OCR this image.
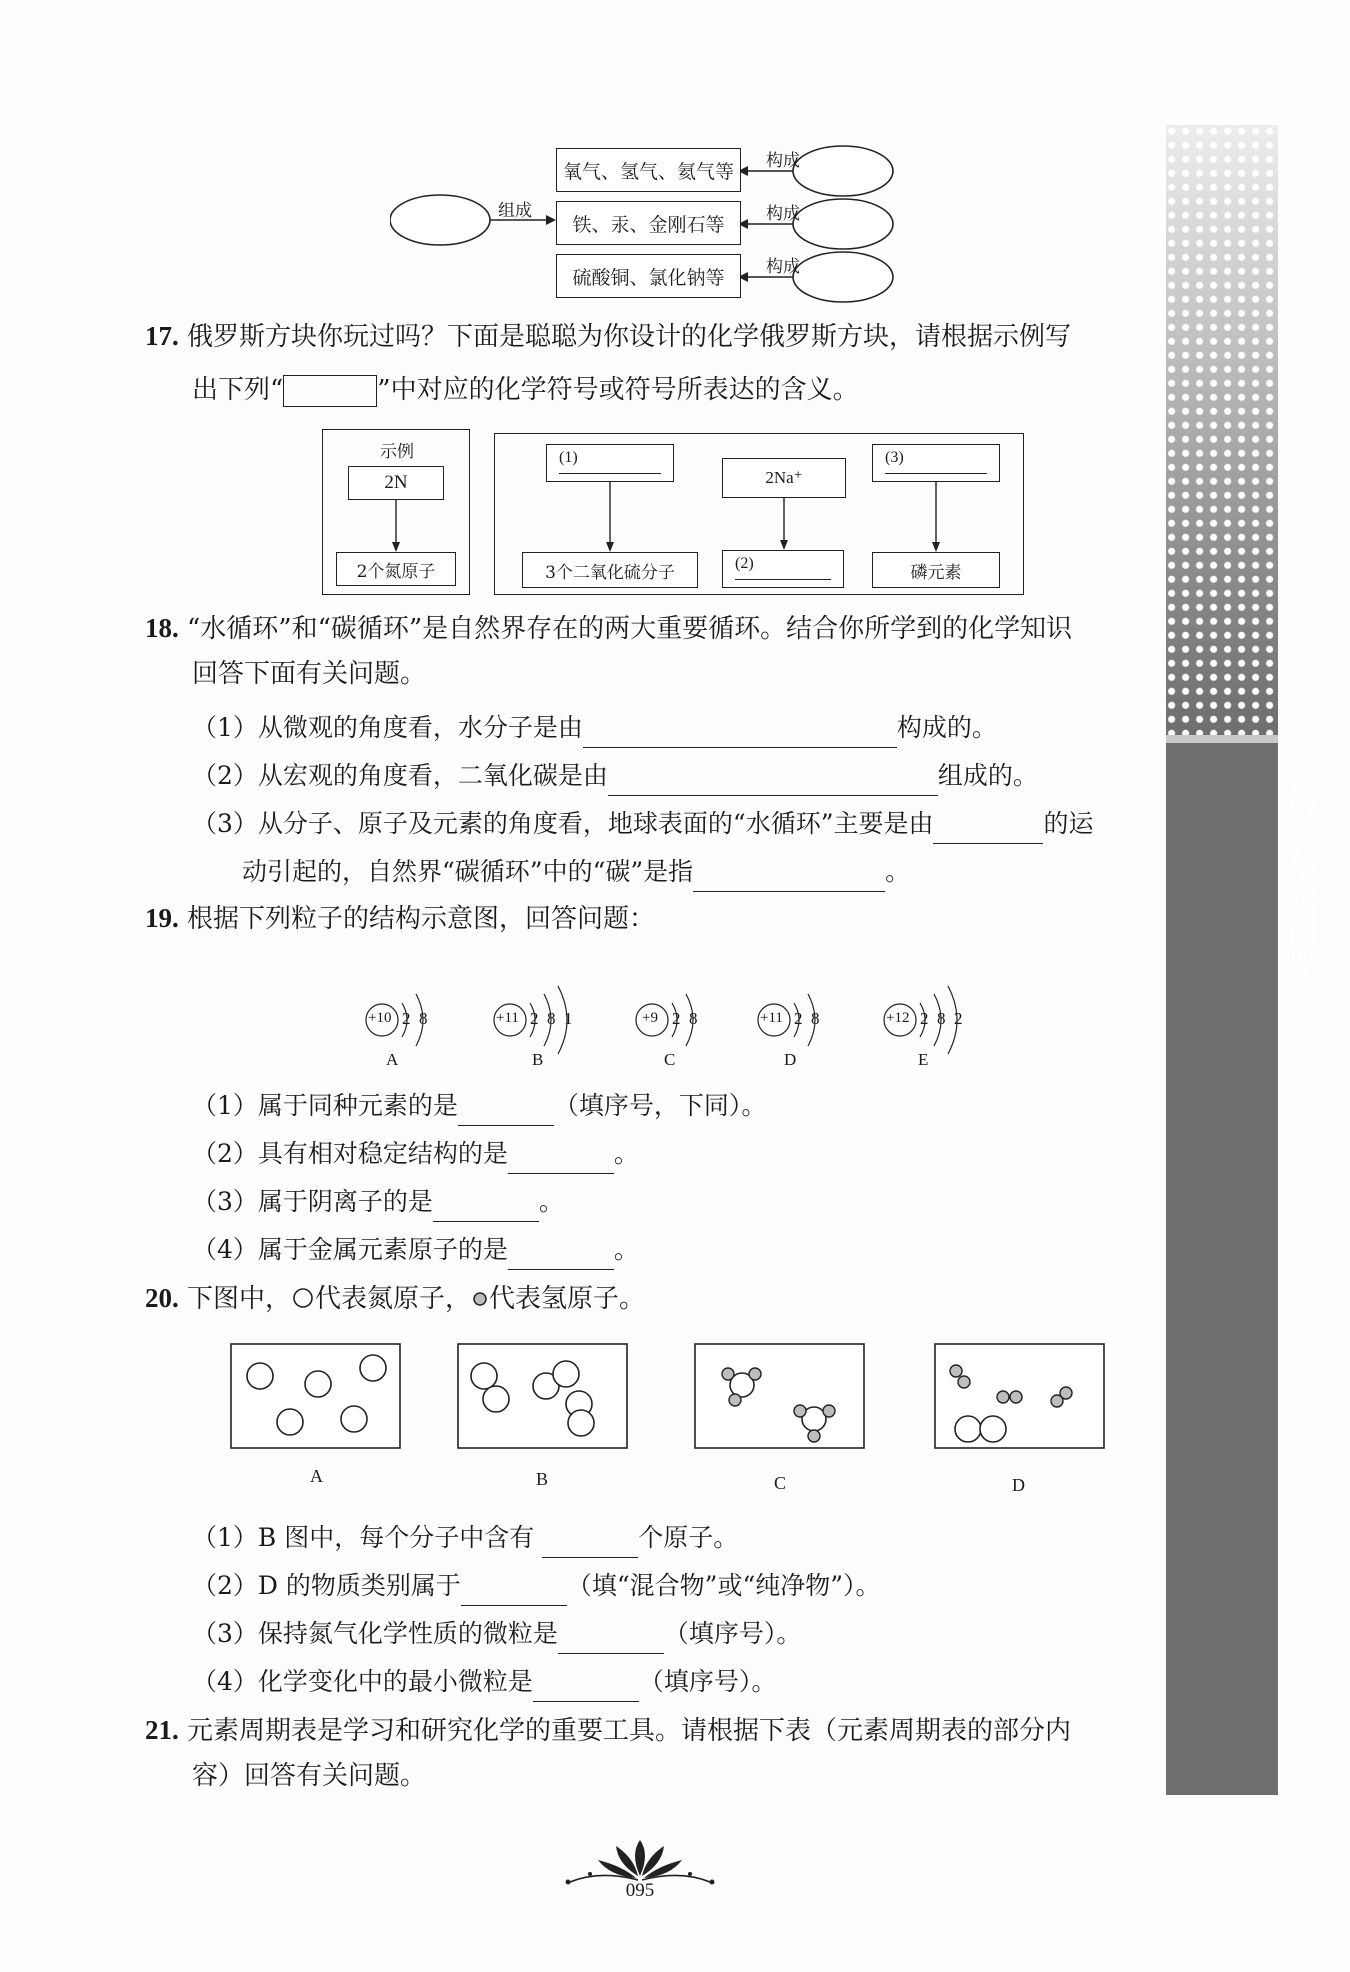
第三单元测评
氧气、氢气、氦气等
铁、汞、金刚石等
硫酸铜、氯化钠等
组成
构成
构成
构成
17. 俄罗斯方块你玩过吗？下面是聪聪为你设计的化学俄罗斯方块，请根据示例写
出下列“	”中对应的化学符号或符号所表达的含义。
示例
2N
2个氮原子
(1)
2Na⁺
(3)
3个二氧化硫分子	(2)	磷元素
18. “水循环”和“碳循环”是自然界存在的两大重要循环。结合你所学到的化学知识
回答下面有关问题。
（1）从微观的角度看，水分子是由	构成的。
（2）从宏观的角度看，二氧化碳是由	组成的。
（3）从分子、原子及元素的角度看，地球表面的“水循环”主要是由	的运
动引起的，自然界“碳循环”中的“碳”是指	。
19. 根据下列粒子的结构示意图，回答问题：
+10 2  8
A
+11 2  8  1
B
+9 2  8
C
+11 2  8
D
+12 2  8  2
E
（1）属于同种元素的是	（填序号，下同）。
（2）具有相对稳定结构的是	。
（3）属于阴离子的是	。
（4）属于金属元素原子的是	。
20. 下图中， 代表氮原子， 代表氢原子。
A	B	C	D
（1）B 图中，每个分子中含有	个原子。
（2）D 的物质类别属于	（填“混合物”或“纯净物”）。
（3）保持氮气化学性质的微粒是	（填序号）。
（4）化学变化中的最小微粒是	（填序号）。
21. 元素周期表是学习和研究化学的重要工具。请根据下表（元素周期表的部分内
容）回答有关问题。
095
